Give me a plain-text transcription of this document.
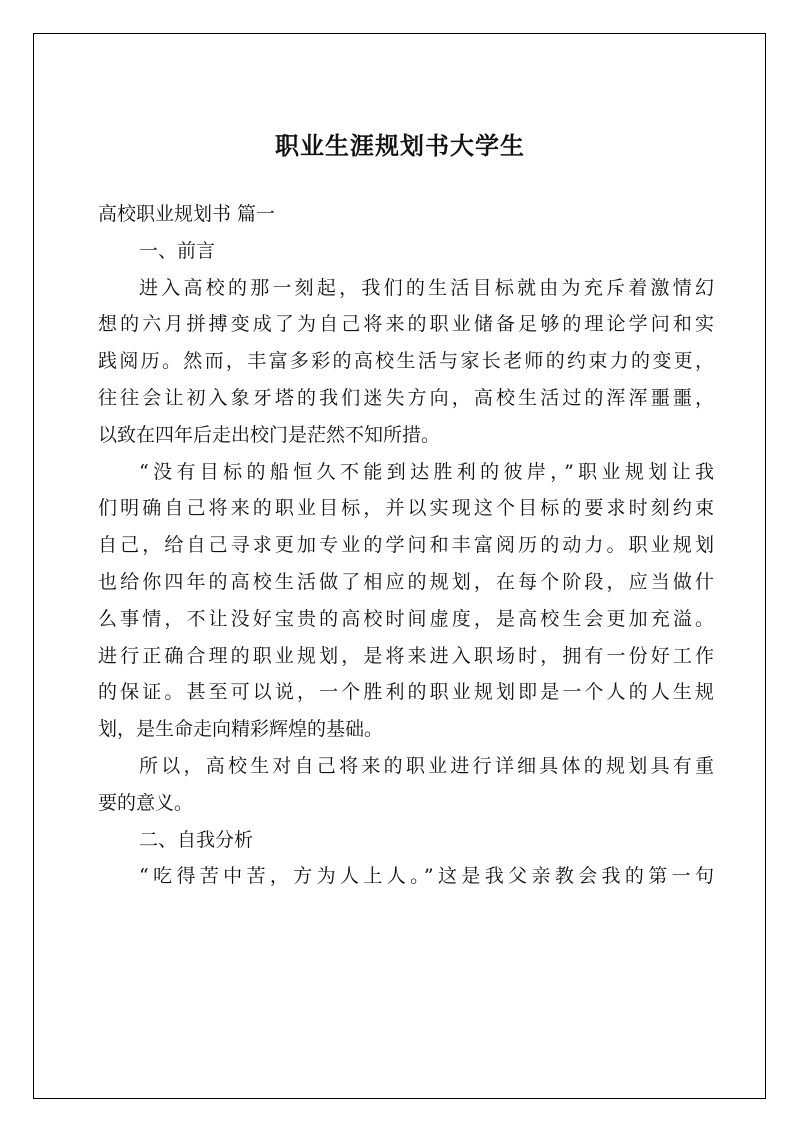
职业生涯规划书大学生
高校职业规划书 篇一
一、前言
进入高校的那一刻起，我们的生活目标就由为充斥着激情幻
想的六月拼搏变成了为自己将来的职业储备足够的理论学问和实
践阅历。然而，丰富多彩的高校生活与家长老师的约束力的变更，
往往会让初入象牙塔的我们迷失方向，高校生活过的浑浑噩噩，
以致在四年后走出校门是茫然不知所措。
“没有目标的船恒久不能到达胜利的彼岸，”职业规划让我
们明确自己将来的职业目标，并以实现这个目标的要求时刻约束
自己，给自己寻求更加专业的学问和丰富阅历的动力。职业规划
也给你四年的高校生活做了相应的规划，在每个阶段，应当做什
么事情，不让没好宝贵的高校时间虚度，是高校生会更加充溢。
进行正确合理的职业规划，是将来进入职场时，拥有一份好工作
的保证。甚至可以说，一个胜利的职业规划即是一个人的人生规
划，是生命走向精彩辉煌的基础。
所以，高校生对自己将来的职业进行详细具体的规划具有重
要的意义。
二、自我分析
“吃得苦中苦，方为人上人。”这是我父亲教会我的第一句
